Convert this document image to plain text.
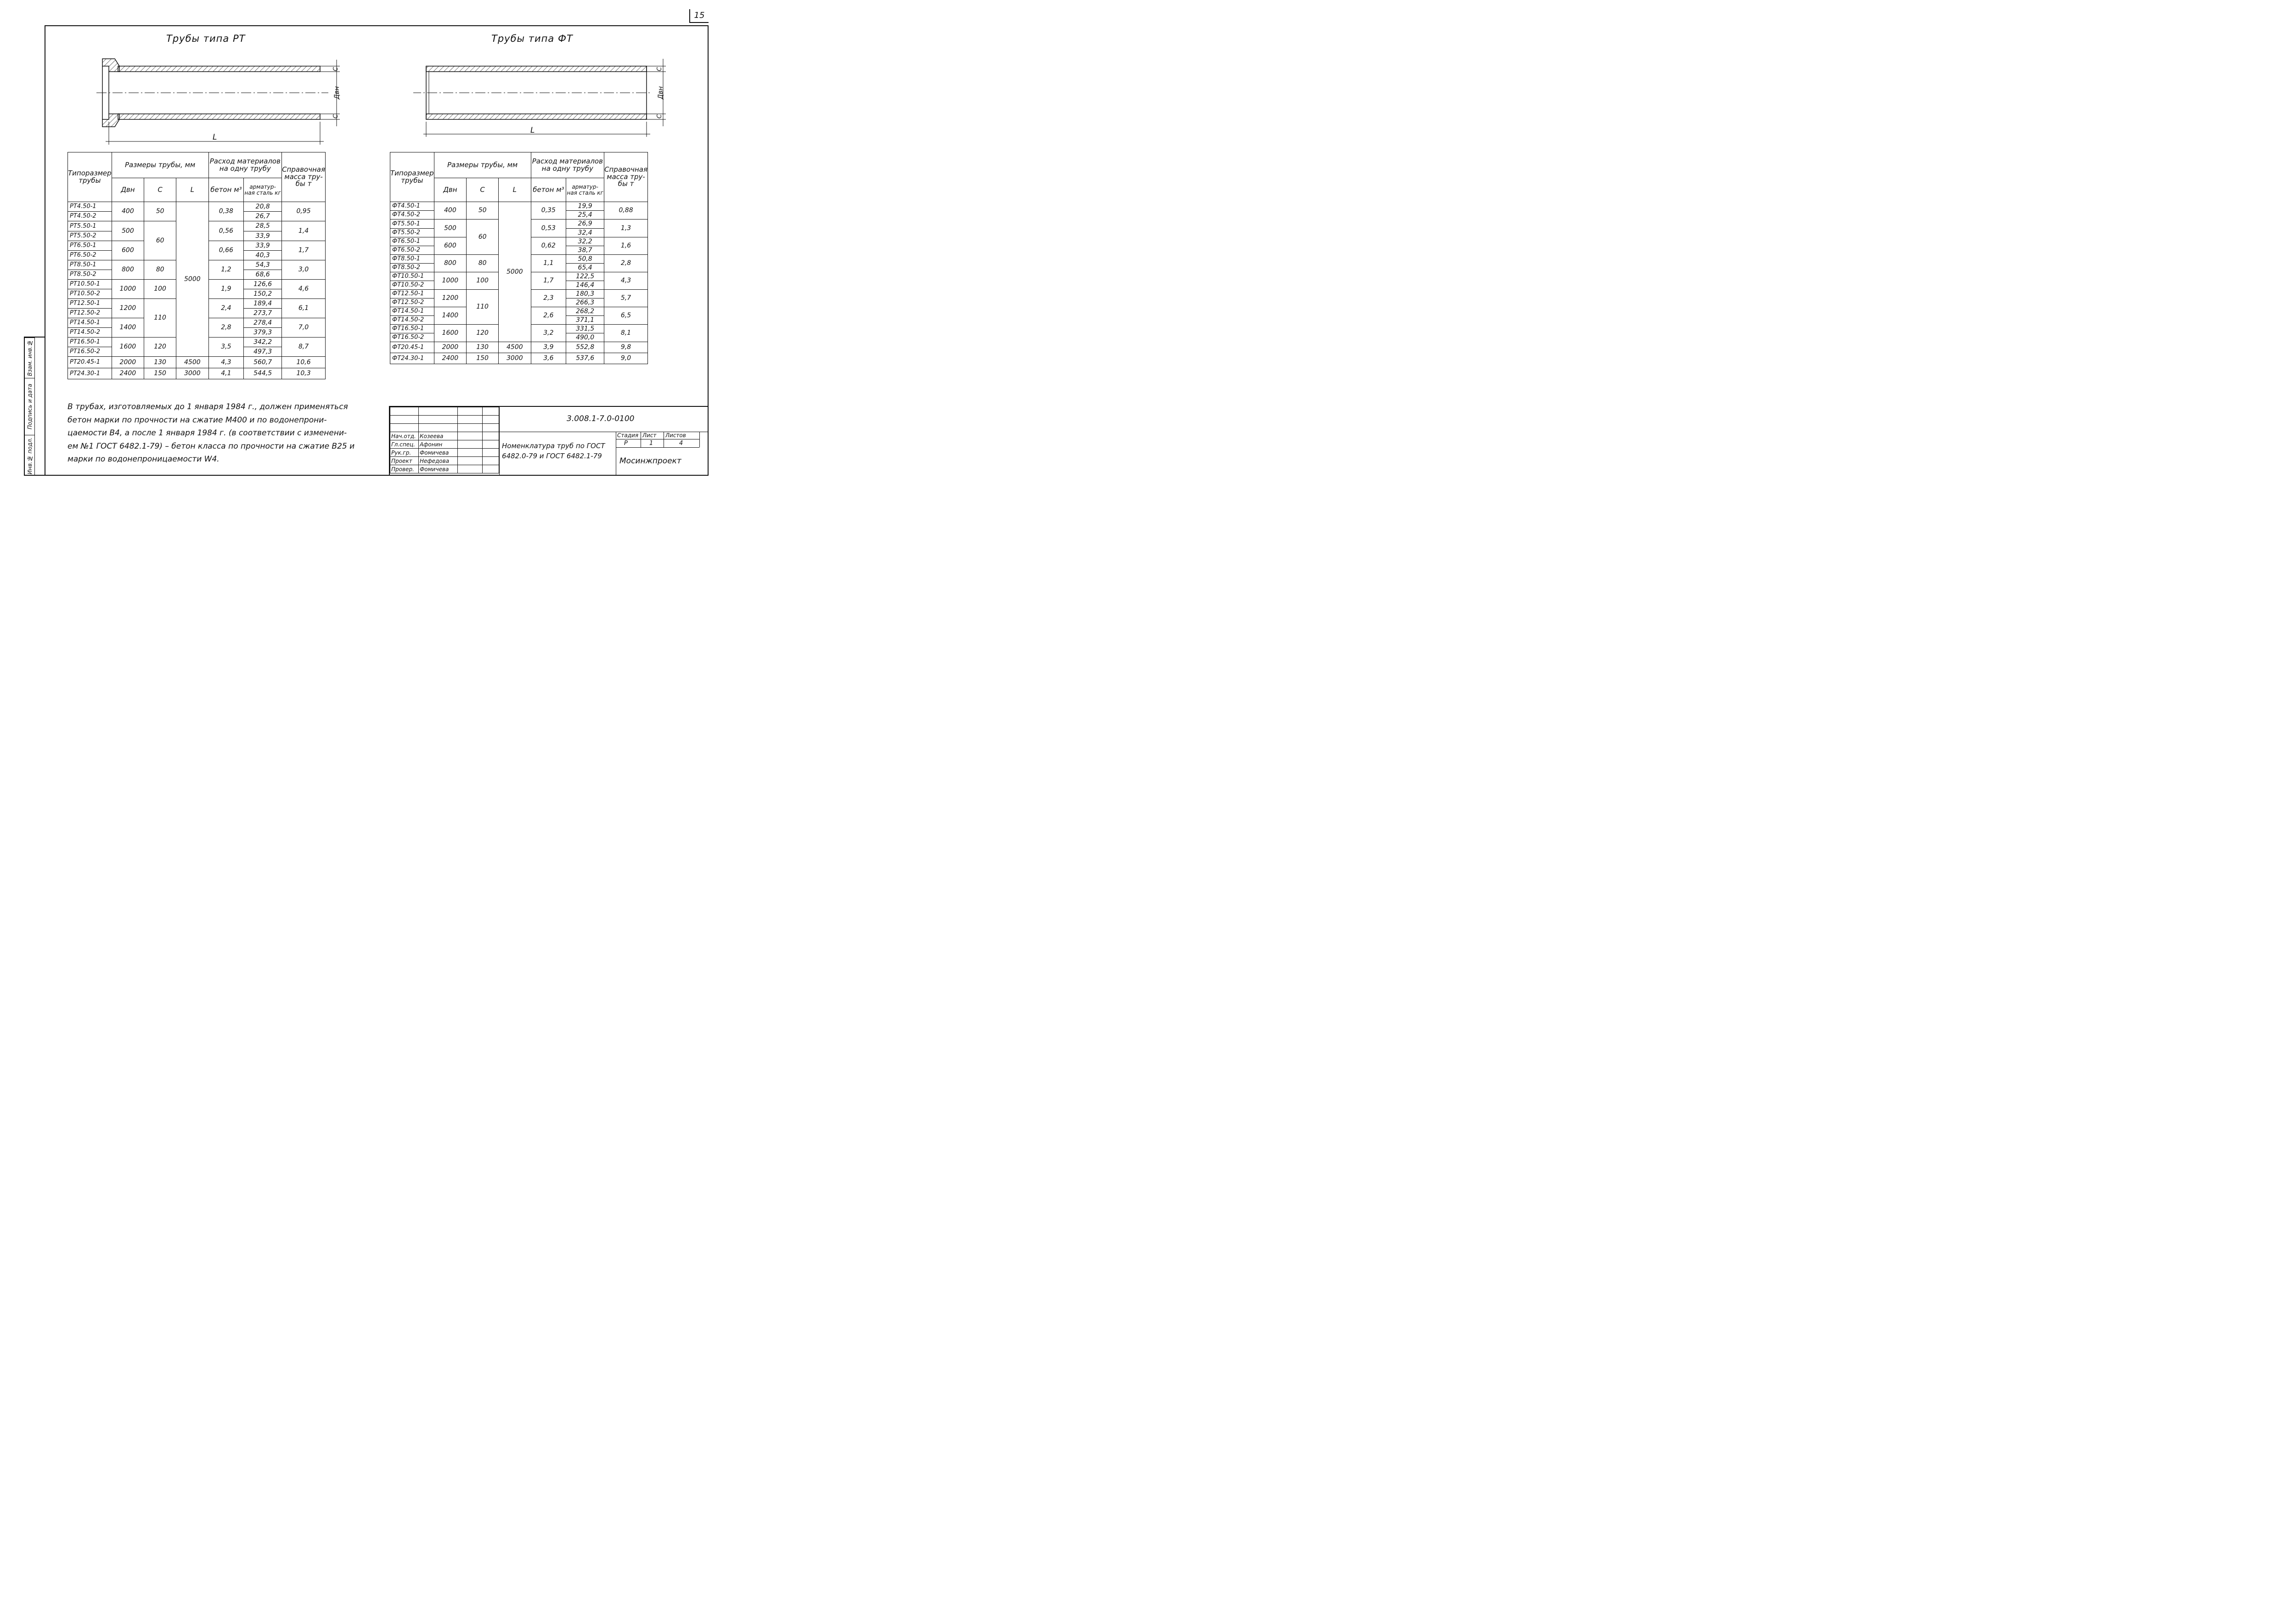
15
Трубы типа РТ
С
Двн
С
L
Трубы типа ФТ
С
Двн
С
L
Типоразмер трубы	Размеры трубы, мм			Расход материалов на одну трубу		Справочная масса тру- бы т
	Двн	С	L	бетон м³	арматур- ная сталь кг	
РТ4.50-1	400	50	5000	0,38	20,8	0,95
РТ4.50-2					26,7	
РТ5.50-1	500	60		0,56	28,5	1,4
РТ5.50-2					33,9	
РТ6.50-1	600			0,66	33,9	1,7
РТ6.50-2					40,3	
РТ8.50-1	800	80		1,2	54,3	3,0
РТ8.50-2					68,6	
РТ10.50-1	1000	100		1,9	126,6	4,6
РТ10.50-2					150,2	
РТ12.50-1	1200	110		2,4	189,4	6,1
РТ12.50-2					273,7	
РТ14.50-1	1400			2,8	278,4	7,0
РТ14.50-2					379,3	
РТ16.50-1	1600	120		3,5	342,2	8,7
РТ16.50-2					497,3	
РТ20.45-1	2000	130	4500	4,3	560,7	10,6
РТ24.30-1	2400	150	3000	4,1	544,5	10,3
Типоразмер трубы	Размеры трубы, мм			Расход материалов на одну трубу		Справочная масса тру- бы т
	Двн	С	L	бетон м³	арматур- ная сталь кг	
ФТ4.50-1	400	50	5000	0,35	19,9	0,88
ФТ4.50-2					25,4	
ФТ5.50-1	500	60		0,53	26,9	1,3
ФТ5.50-2					32,4	
ФТ6.50-1	600			0,62	32,2	1,6
ФТ6.50-2					38,7	
ФТ8.50-1	800	80		1,1	50,8	2,8
ФТ8.50-2					65,4	
ФТ10.50-1	1000	100		1,7	122,5	4,3
ФТ10.50-2					146,4	
ФТ12.50-1	1200	110		2,3	180,3	5,7
ФТ12.50-2					266,3	
ФТ14.50-1	1400			2,6	268,2	6,5
ФТ14.50-2					371,1	
ФТ16.50-1	1600	120		3,2	331,5	8,1
ФТ16.50-2					490,0	
ФТ20.45-1	2000	130	4500	3,9	552,8	9,8
ФТ24.30-1	2400	150	3000	3,6	537,6	9,0
В трубах, изготовляемых до 1 января 1984 г., должен применяться бетон марки по прочности на сжатие М400 и по водонепрони- цаемости В4, а после 1 января 1984 г. (в соответствии с изменени- ем №1 ГОСТ 6482.1-79) – бетон класса по прочности на сжатие В25 и марки по водонепроницаемости W4.
Взам. инв.№
Подпись и дата
Инв.№ подл.

Нач.отд.	Козеева		
Гл.спец.	Афонин		
Рук.гр.	Фомичева		
Проект	Нефедова		
Провер.	Фомичева		
3.008.1-7.0-0100
Номенклатура труб по ГОСТ 6482.0-79 и ГОСТ 6482.1-79
Стадия Лист Листов
Р	1	4
Мосинжпроект
